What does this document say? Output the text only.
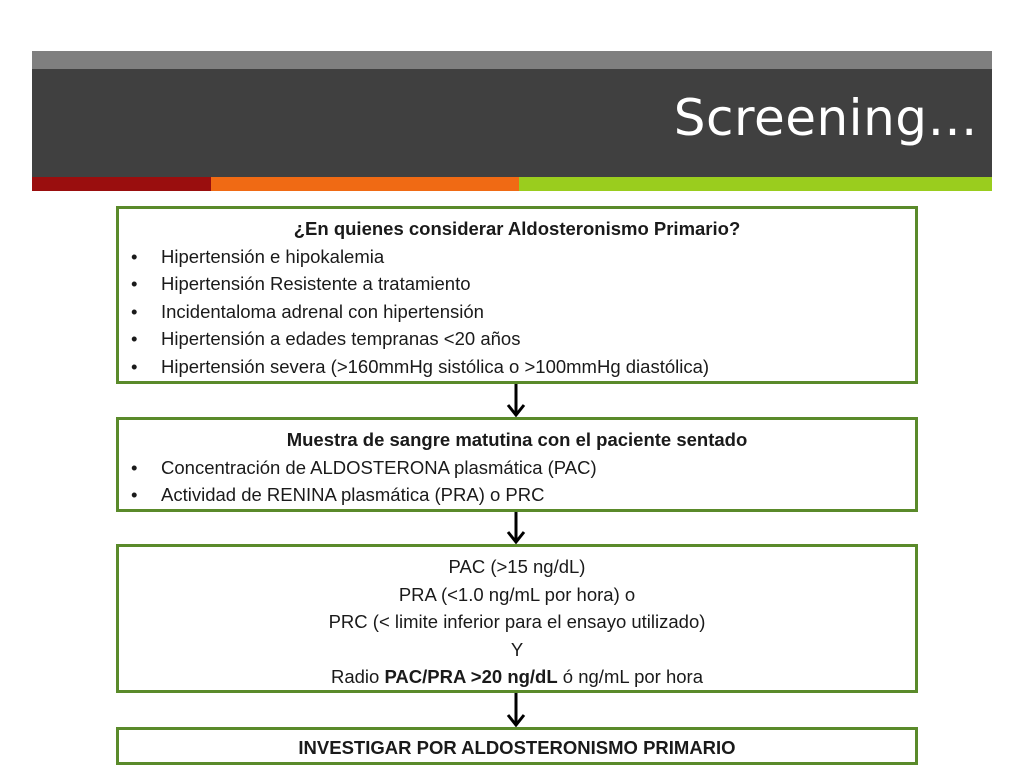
Screening…
¿En quienes considerar Aldosteronismo Primario?
• Hipertensión e hipokalemia
• Hipertensión Resistente a tratamiento
• Incidentaloma adrenal con hipertensión
• Hipertensión a edades tempranas <20 años
• Hipertensión severa (>160mmHg sistólica o >100mmHg diastólica)
Muestra de sangre matutina con el paciente sentado
• Concentración de ALDOSTERONA plasmática (PAC)
• Actividad de RENINA plasmática (PRA) o PRC
PAC (>15 ng/dL)
PRA (<1.0 ng/mL por hora) o
PRC (< limite inferior para el ensayo utilizado)
Y
Radio PAC/PRA >20 ng/dL ó ng/mL por hora
INVESTIGAR POR ALDOSTERONISMO PRIMARIO
